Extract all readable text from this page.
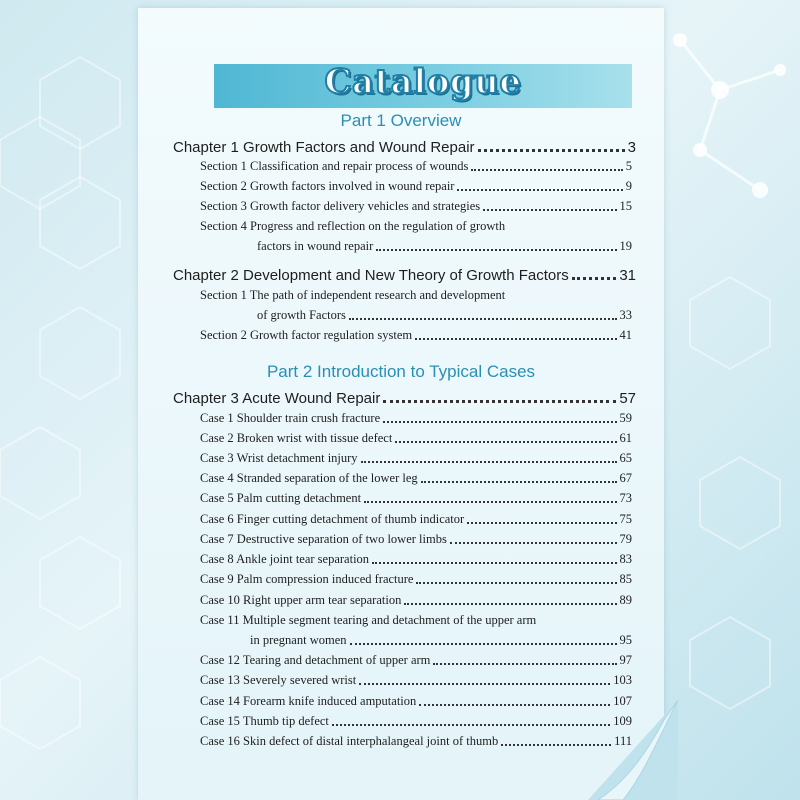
Catalogue
Part 1 Overview
Chapter 1 Growth Factors and Wound Repair	3
Section 1 Classification and repair process of wounds	5
Section 2 Growth factors involved in wound repair	9
Section 3 Growth factor delivery vehicles and strategies	15
Section 4 Progress and reflection on the regulation of growth
factors in wound repair	19
Chapter 2 Development and New Theory of Growth Factors	31
Section 1 The path of independent research and development
of growth Factors	33
Section 2 Growth factor regulation system	41
Part 2 Introduction to Typical Cases
Chapter 3 Acute Wound Repair	57
Case 1 Shoulder train crush fracture	59
Case 2 Broken wrist with tissue defect	61
Case 3 Wrist detachment injury	65
Case 4 Stranded separation of the lower leg	67
Case 5 Palm cutting detachment	73
Case 6 Finger cutting detachment of thumb indicator	75
Case 7 Destructive separation of two lower limbs	79
Case 8 Ankle joint tear separation	83
Case 9 Palm compression induced fracture	85
Case 10 Right upper arm tear separation	89
Case 11 Multiple segment tearing and detachment of the upper arm
in pregnant women	95
Case 12 Tearing and detachment of upper arm	97
Case 13 Severely severed wrist	103
Case 14 Forearm knife induced amputation	107
Case 15 Thumb tip defect	109
Case 16 Skin defect of distal interphalangeal joint of thumb	111
